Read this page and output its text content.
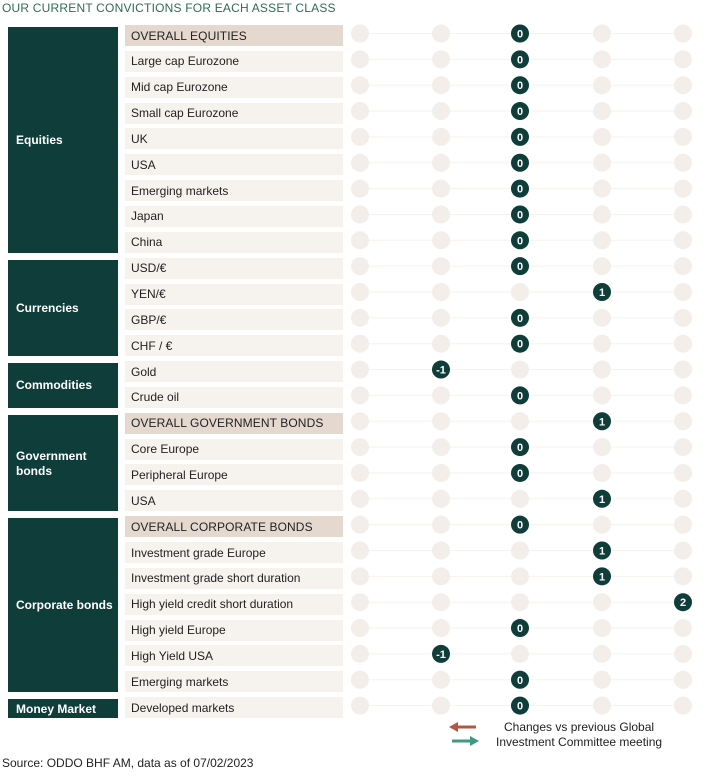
OUR CURRENT CONVICTIONS FOR EACH ASSET CLASS
Equities
Currencies
Commodities
Government bonds
Corporate bonds
Money Market
OVERALL EQUITIES
Large cap Eurozone
Mid cap Eurozone
Small cap Eurozone
UK
USA
Emerging markets
Japan
China
USD/€
YEN/€
GBP/€
CHF / €
Gold
Crude oil
OVERALL GOVERNMENT BONDS
Core Europe
Peripheral Europe
USA
OVERALL CORPORATE BONDS
Investment grade Europe
Investment grade short duration
High yield credit short duration
High yield Europe
High Yield USA
Emerging markets
Developed markets
0
0
0
0
0
0
0
0
0
0
1
0
0
-1
0
1
0
0
1
0
1
1
2
0
-1
0
0
Changes vs previous Global
Investment Committee meeting
Source: ODDO BHF AM, data as of 07/02/2023
